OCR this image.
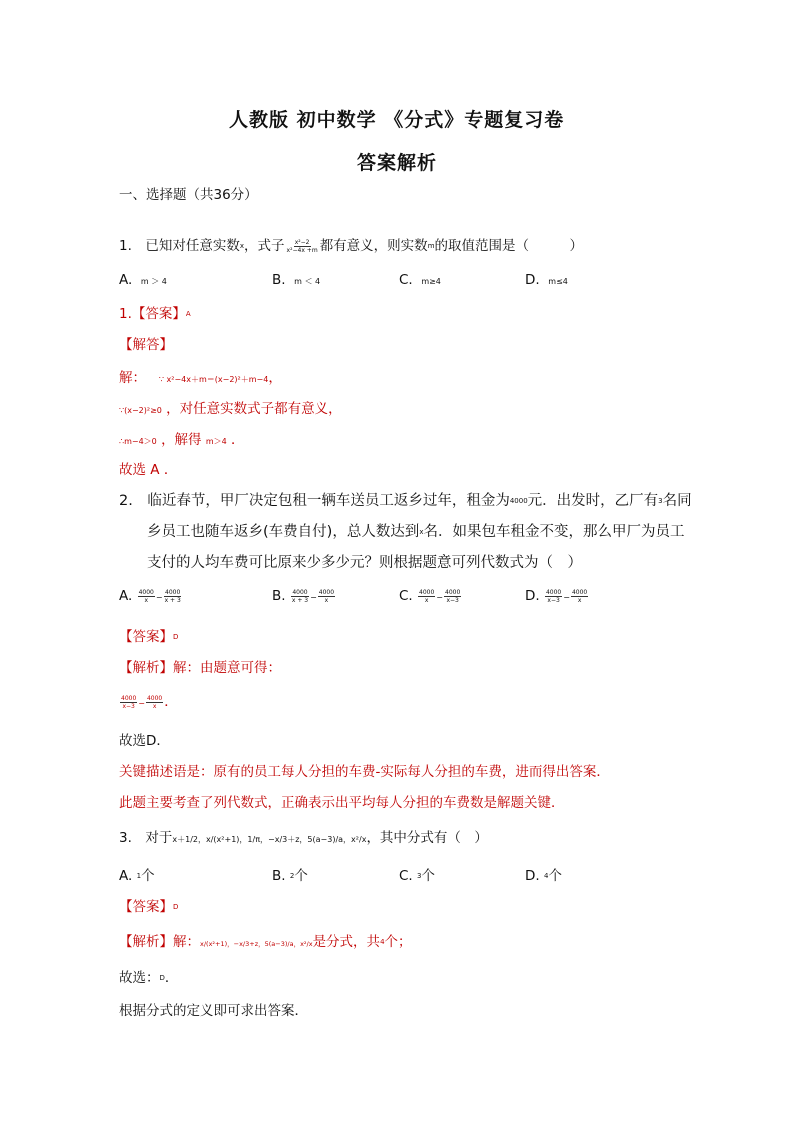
人教版 初中数学 《分式》专题复习卷
答案解析
一、选择题（共36分）
1.　已知对任意实数x，式子 $\frac{\text{x²−2}}{\text{x²−4x +m}}$ 都有意义，则实数m的取值范围是（　　　）
A. m ＞ 4	B. m ＜ 4	C. m≥4	D. m≤4
1.【答案】A
【解答】
解： ∵ x²−4x＋m＝(x−2)²＋m−4，
∵(x−2)²≥0 ，对任意实数式子都有意义，
∴m−4＞0 ，解得 m＞4 ．
故选 A ．
2.　临近春节，甲厂决定包租一辆车送员工返乡过年，租金为4000元．出发时，乙厂有3名同
乡员工也随车返乡(车费自付)，总人数达到x名．如果包车租金不变，那么甲厂为员工
支付的人均车费可比原来少多少元？则根据题意可列代数式为（　）
A. $\frac{4000}{x} - \frac{4000}{x + 3}$	B. $\frac{4000}{x + 3} - \frac{4000}{x}$	C. $\frac{4000}{x} - \frac{4000}{x-3}$	D. $\frac{4000}{x-3} - \frac{4000}{x}$
【答案】D
【解析】解：由题意可得：
$\frac{4000}{x-3} - \frac{4000}{x}$ ．
故选D．
关键描述语是：原有的员工每人分担的车费-实际每人分担的车费，进而得出答案．
此题主要考查了列代数式，正确表示出平均每人分担的车费数是解题关键．
3.　对于x＋1/2，x/(x²+1)，1/π，−x/3＋z，5(a−3)/a，x²/x，其中分式有（　）
A. 1个	B. 2个	C. 3个	D. 4个
【答案】D
【解析】解：x/(x²+1)，−x/3+z，5(a−3)/a，x²/x是分式，共4个；
故选：D．
根据分式的定义即可求出答案．
